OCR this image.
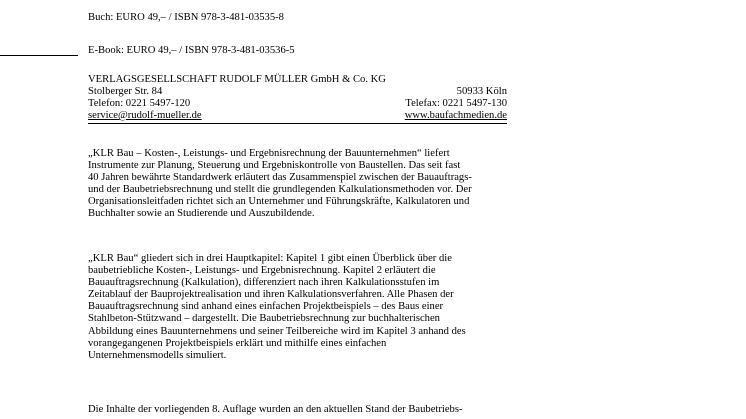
Buch: EURO 49,– / ISBN 978-3-481-03535-8
E-Book: EURO 49,– / ISBN 978-3-481-03536-5
VERLAGSGESELLSCHAFT RUDOLF MÜLLER GmbH & Co. KG
Stolberger Str. 84	50933 Köln
Telefon: 0221 5497-120	Telefax: 0221 5497-130
service@rudolf-mueller.de	www.baufachmedien.de
„KLR Bau – Kosten-, Leistungs- und Ergebnisrechnung der Bauunternehmen“ liefert
Instrumente zur Planung, Steuerung und Ergebniskontrolle von Baustellen. Das seit fast
40 Jahren bewährte Standardwerk erläutert das Zusammenspiel zwischen der Bauauftrags-
und der Baubetriebsrechnung und stellt die grundlegenden Kalkulationsmethoden vor. Der
Organisationsleitfaden richtet sich an Unternehmer und Führungskräfte, Kalkulatoren und
Buchhalter sowie an Studierende und Auszubildende.
„KLR Bau“ gliedert sich in drei Hauptkapitel: Kapitel 1 gibt einen Überblick über die
baubetriebliche Kosten-, Leistungs- und Ergebnisrechnung. Kapitel 2 erläutert die
Bauauftragsrechnung (Kalkulation), differenziert nach ihren Kalkulationsstufen im
Zeitablauf der Bauprojektrealisation und ihren Kalkulationsverfahren. Alle Phasen der
Bauauftragsrechnung sind anhand eines einfachen Projektbeispiels – des Baus einer
Stahlbeton-Stützwand – dargestellt. Die Baubetriebsrechnung zur buchhalterischen
Abbildung eines Bauunternehmens und seiner Teilbereiche wird im Kapitel 3 anhand des
vorangegangenen Projektbeispiels erklärt und mithilfe eines einfachen
Unternehmensmodells simuliert.
Die Inhalte der vorliegenden 8. Auflage wurden an den aktuellen Stand der Baubetriebs-
